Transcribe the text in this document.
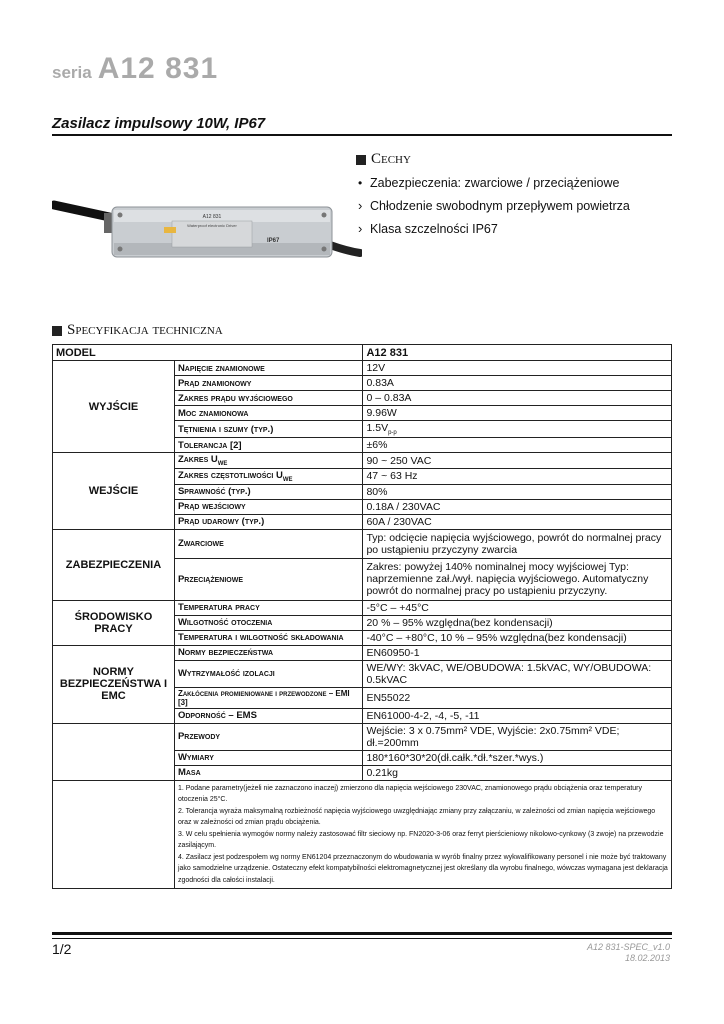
seria A12 831
Zasilacz impulsowy 10W, IP67
A12 831
Waterproof electronic Driver
IP67
Cechy
• Zabezpieczenia: zwarciowe / przeciążeniowe
› Chłodzenie swobodnym przepływem powietrza
› Klasa szczelności IP67
Specyfikacja techniczna
MODEL		A12 831
WYJŚCIE	Napięcie znamionowe	12V
	Prąd znamionowy	0.83A
	Zakres prądu wyjściowego	0 – 0.83A
	Moc znamionowa	9.96W
	Tętnienia i szumy (typ.)	$1.5V_{p-p}$
	Tolerancja [2]	±6%
WEJŚCIE	Zakres $U_{WE}$	90 ~ 250 VAC
	Zakres częstotliwości $U_{WE}$	47 ~ 63 Hz
	Sprawność (typ.)	80%
	Prąd wejściowy	0.18A / 230VAC
	Prąd udarowy (typ.)	60A / 230VAC
ZABEZPIECZENIA	Zwarciowe	Typ: odcięcie napięcia wyjściowego, powrót do normalnej pracy po ustąpieniu przyczyny zwarcia
	Przeciążeniowe	Zakres: powyżej 140% nominalnej mocy wyjściowej Typ: naprzemienne zał./wył. napięcia wyjściowego. Automatyczny powrót do normalnej pracy po ustąpieniu przyczyny.
ŚRODOWISKO PRACY	Temperatura pracy	-5°C – +45°C
	Wilgotność otoczenia	20 % – 95% względna(bez kondensacji)
	Temperatura i wilgotność składowania	-40°C – +80°C, 10 % – 95% względna(bez kondensacji)
NORMY BEZPIECZEŃSTWA I EMC	Normy bezpieczeństwa	EN60950-1
	Wytrzymałość izolacji	WE/WY: 3kVAC, WE/OBUDOWA: 1.5kVAC, WY/OBUDOWA: 0.5kVAC
	Zakłócenia promieniowane i przewodzone – EMI [3]	EN55022
	Odporność – EMS	EN61000-4-2, -4, -5, -11
	Przewody	Wejście: 3 x 0.75mm² VDE, Wyjście: 2x0.75mm² VDE; dł.=200mm
	Wymiary	180*160*30*20(dł.całk.*dł.*szer.*wys.)
	Masa	0.21kg

	1. Podane parametry(jeżeli nie zaznaczono inaczej) zmierzono dla napięcia wejściowego 230VAC, znamionowego prądu obciążenia oraz temperatury otoczenia 25°C.
2. Tolerancja wyraża maksymalną rozbieżność napięcia wyjściowego uwzględniając zmiany przy załączaniu, w zależności od zmian napięcia wejściowego oraz w zależności od zmian prądu obciążenia.
3. W celu spełnienia wymogów normy należy zastosować filtr sieciowy np. FN2020-3-06 oraz ferryt pierścieniowy nikolowo-cynkowy (3 zwoje) na przewodzie zasilającym.
4. Zasilacz jest podzespołem wg normy EN61204 przeznaczonym do wbudowania w wyrób finalny przez wykwalifikowany personel i nie może być traktowany jako samodzielne urządzenie. Ostateczny efekt kompatybilności elektromagnetycznej jest określany dla wyrobu finalnego, wówczas wymagana jest deklaracja zgodności dla całości instalacji.	
1/2	A12 831-SPEC_v1.0
18.02.2013
